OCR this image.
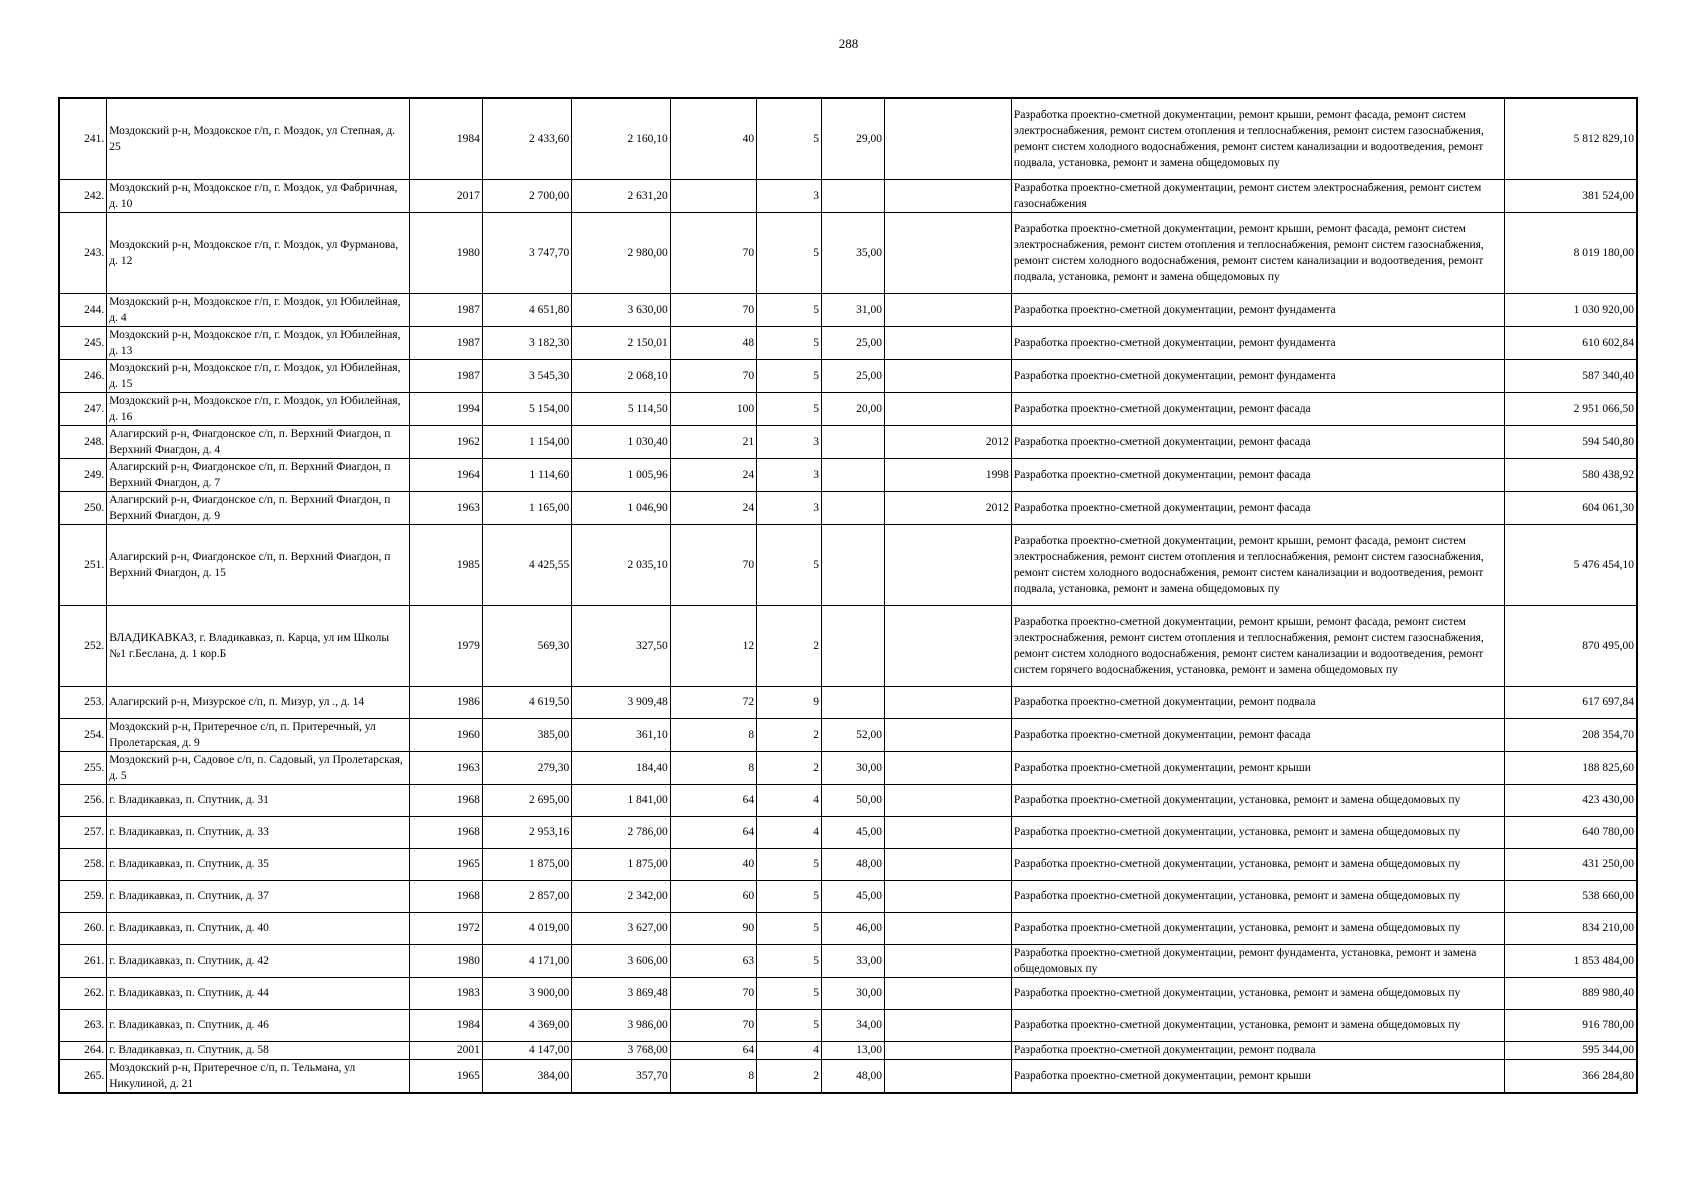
288
241.	Моздокский р-н, Моздокское г/п, г. Моздок, ул Степная, д. 25	1984	2 433,60	2 160,10	40	5	29,00		Разработка проектно-сметной документации, ремонт крыши, ремонт фасада, ремонт систем электроснабжения, ремонт систем отопления и теплоснабжения, ремонт систем газоснабжения, ремонт систем холодного водоснабжения, ремонт систем канализации и водоотведения, ремонт подвала, установка, ремонт и замена общедомовых пу	5 812 829,10
242.	Моздокский р-н, Моздокское г/п, г. Моздок, ул Фабричная, д. 10	2017	2 700,00	2 631,20		3			Разработка проектно-сметной документации, ремонт систем электроснабжения, ремонт систем газоснабжения	381 524,00
243.	Моздокский р-н, Моздокское г/п, г. Моздок, ул Фурманова, д. 12	1980	3 747,70	2 980,00	70	5	35,00		Разработка проектно-сметной документации, ремонт крыши, ремонт фасада, ремонт систем электроснабжения, ремонт систем отопления и теплоснабжения, ремонт систем газоснабжения, ремонт систем холодного водоснабжения, ремонт систем канализации и водоотведения, ремонт подвала, установка, ремонт и замена общедомовых пу	8 019 180,00
244.	Моздокский р-н, Моздокское г/п, г. Моздок, ул Юбилейная, д. 4	1987	4 651,80	3 630,00	70	5	31,00		Разработка проектно-сметной документации, ремонт фундамента	1 030 920,00
245.	Моздокский р-н, Моздокское г/п, г. Моздок, ул Юбилейная, д. 13	1987	3 182,30	2 150,01	48	5	25,00		Разработка проектно-сметной документации, ремонт фундамента	610 602,84
246.	Моздокский р-н, Моздокское г/п, г. Моздок, ул Юбилейная, д. 15	1987	3 545,30	2 068,10	70	5	25,00		Разработка проектно-сметной документации, ремонт фундамента	587 340,40
247.	Моздокский р-н, Моздокское г/п, г. Моздок, ул Юбилейная, д. 16	1994	5 154,00	5 114,50	100	5	20,00		Разработка проектно-сметной документации, ремонт фасада	2 951 066,50
248.	Алагирский р-н, Фиагдонское с/п, п. Верхний Фиагдон, п Верхний Фиагдон, д. 4	1962	1 154,00	1 030,40	21	3		2012	Разработка проектно-сметной документации, ремонт фасада	594 540,80
249.	Алагирский р-н, Фиагдонское с/п, п. Верхний Фиагдон, п Верхний Фиагдон, д. 7	1964	1 114,60	1 005,96	24	3		1998	Разработка проектно-сметной документации, ремонт фасада	580 438,92
250.	Алагирский р-н, Фиагдонское с/п, п. Верхний Фиагдон, п Верхний Фиагдон, д. 9	1963	1 165,00	1 046,90	24	3		2012	Разработка проектно-сметной документации, ремонт фасада	604 061,30
251.	Алагирский р-н, Фиагдонское с/п, п. Верхний Фиагдон, п Верхний Фиагдон, д. 15	1985	4 425,55	2 035,10	70	5			Разработка проектно-сметной документации, ремонт крыши, ремонт фасада, ремонт систем электроснабжения, ремонт систем отопления и теплоснабжения, ремонт систем газоснабжения, ремонт систем холодного водоснабжения, ремонт систем канализации и водоотведения, ремонт подвала, установка, ремонт и замена общедомовых пу	5 476 454,10
252.	ВЛАДИКАВКАЗ, г. Владикавказ, п. Карца, ул им Школы №1 г.Беслана, д. 1 кор.Б	1979	569,30	327,50	12	2			Разработка проектно-сметной документации, ремонт крыши, ремонт фасада, ремонт систем электроснабжения, ремонт систем отопления и теплоснабжения, ремонт систем газоснабжения, ремонт систем холодного водоснабжения, ремонт систем канализации и водоотведения, ремонт систем горячего водоснабжения, установка, ремонт и замена общедомовых пу	870 495,00
253.	Алагирский р-н, Мизурское с/п, п. Мизур, ул ., д. 14	1986	4 619,50	3 909,48	72	9			Разработка проектно-сметной документации, ремонт подвала	617 697,84
254.	Моздокский р-н, Притеречное с/п, п. Притеречный, ул Пролетарская, д. 9	1960	385,00	361,10	8	2	52,00		Разработка проектно-сметной документации, ремонт фасада	208 354,70
255.	Моздокский р-н, Садовое с/п, п. Садовый, ул Пролетарская, д. 5	1963	279,30	184,40	8	2	30,00		Разработка проектно-сметной документации, ремонт крыши	188 825,60
256.	г. Владикавказ, п. Спутник, д. 31	1968	2 695,00	1 841,00	64	4	50,00		Разработка проектно-сметной документации, установка, ремонт и замена общедомовых пу	423 430,00
257.	г. Владикавказ, п. Спутник, д. 33	1968	2 953,16	2 786,00	64	4	45,00		Разработка проектно-сметной документации, установка, ремонт и замена общедомовых пу	640 780,00
258.	г. Владикавказ, п. Спутник, д. 35	1965	1 875,00	1 875,00	40	5	48,00		Разработка проектно-сметной документации, установка, ремонт и замена общедомовых пу	431 250,00
259.	г. Владикавказ, п. Спутник, д. 37	1968	2 857,00	2 342,00	60	5	45,00		Разработка проектно-сметной документации, установка, ремонт и замена общедомовых пу	538 660,00
260.	г. Владикавказ, п. Спутник, д. 40	1972	4 019,00	3 627,00	90	5	46,00		Разработка проектно-сметной документации, установка, ремонт и замена общедомовых пу	834 210,00
261.	г. Владикавказ, п. Спутник, д. 42	1980	4 171,00	3 606,00	63	5	33,00		Разработка проектно-сметной документации, ремонт фундамента, установка, ремонт и замена общедомовых пу	1 853 484,00
262.	г. Владикавказ, п. Спутник, д. 44	1983	3 900,00	3 869,48	70	5	30,00		Разработка проектно-сметной документации, установка, ремонт и замена общедомовых пу	889 980,40
263.	г. Владикавказ, п. Спутник, д. 46	1984	4 369,00	3 986,00	70	5	34,00		Разработка проектно-сметной документации, установка, ремонт и замена общедомовых пу	916 780,00
264.	г. Владикавказ, п. Спутник, д. 58	2001	4 147,00	3 768,00	64	4	13,00		Разработка проектно-сметной документации, ремонт подвала	595 344,00
265.	Моздокский р-н, Притеречное с/п, п. Тельмана, ул Никулиной, д. 21	1965	384,00	357,70	8	2	48,00		Разработка проектно-сметной документации, ремонт крыши	366 284,80
